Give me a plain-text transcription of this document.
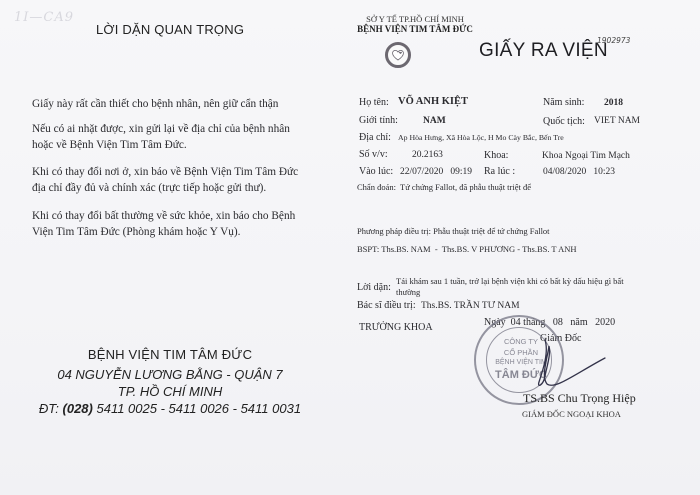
1I—CA9
LỜI DẶN QUAN TRỌNG
Giấy này rất cần thiết cho bệnh nhân, nên giữ cẩn thận
Nếu có ai nhặt được, xin gửi lại về địa chỉ của bệnh nhân hoặc về Bệnh Viện Tim Tâm Đức.
Khi có thay đổi nơi ở, xin báo về Bệnh Viện Tim Tâm Đức địa chỉ đầy đủ và chính xác (trực tiếp hoặc gửi thư).
Khi có thay đổi bất thường về sức khỏe, xin báo cho Bệnh Viện Tim Tâm Đức (Phòng khám hoặc Y Vụ).
BỆNH VIỆN TIM TÂM ĐỨC
04 NGUYỄN LƯƠNG BẰNG - QUẬN 7
TP. HỒ CHÍ MINH
ĐT: (028) 5411 0025 - 5411 0026 - 5411 0031
SỞ Y TẾ TP.HỒ CHÍ MINH
BỆNH VIỆN TIM TÂM ĐỨC
GIẤY RA VIỆN
1902973
Họ tên: VÕ ANH KIỆT	Năm sinh: 2018
Giới tính:	NAM	Quốc tịch: VIET NAM
Địa chỉ: Ap Hòa Hưng, Xã Hòa Lộc, H Mo Cày Bắc, Bến Tre
Số v/v:	20.2163	Khoa:	Khoa Ngoại Tim Mạch
Vào lúc: 22/07/2020   09:19 Ra lúc :	04/08/2020   10:23
Chẩn đoán: Tứ chứng Fallot, đã phẫu thuật triệt để
Phương pháp điều trị: Phẫu thuật triệt để tứ chứng Fallot
BSPT: Ths.BS. NAM  -  Ths.BS. V PHƯƠNG - Ths.BS. T ANH
Lời dặn:
Tái khám sau 1 tuần, trở lại bệnh viện khi có bất kỳ dấu hiệu gì bất
thường
Bác sĩ điều trị: Ths.BS. TRẦN TƯ NAM
TRƯỞNG KHOA	Ngày 04 tháng 08 năm 2020
Giám Đốc
CÔNG TY
CỔ PHẦN
BỆNH VIỆN TIM
TÂM ĐỨC
TS.BS Chu Trọng Hiệp
GIÁM ĐỐC NGOẠI KHOA
